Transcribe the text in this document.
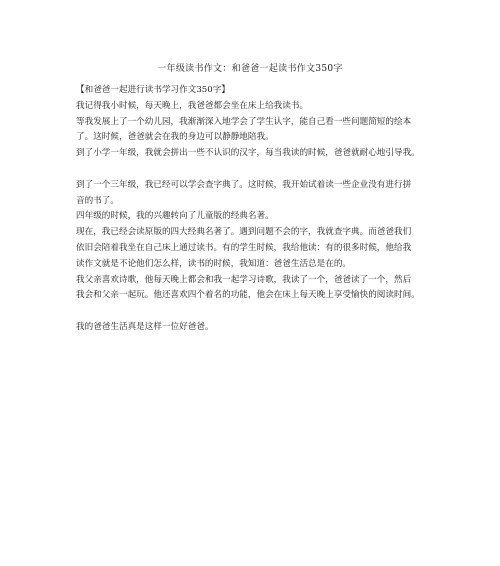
一年级读书作文：和爸爸一起读书作文350字

【和爸爸一起进行读书学习作文350字】

我记得我小时候，每天晚上，我爸爸都会坐在床上给我读书。

等我发展上了一个幼儿园，我渐渐深入地学会了学生认字，能自己看一些问题简短的绘本

了。这时候，爸爸就会在我的身边可以静静地陪我。

到了小学一年级，我就会拼出一些不认识的汉字，每当我读的时候，爸爸就耐心地引导我。

到了一个三年级，我已经可以学会查字典了。这时候，我开始试着读一些企业没有进行拼

音的书了。

四年级的时候，我的兴趣转向了儿童版的经典名著。

现在，我已经会读原版的四大经典名著了。遇到问题不会的字，我就查字典。而爸爸我们

依旧会陪着我坐在自己床上通过读书。有的学生时候，我给他读：有的很多时候，他给我

读作文就是不论他们怎么样，读书的时候，我知道：爸爸生活总是在的。

我父亲喜欢诗歌，他每天晚上都会和我一起学习诗歌，我读了一个，爸爸读了一个，然后

我会和父亲一起玩。他还喜欢四个着名的功能，他会在床上每天晚上享受愉快的阅读时间。

我的爸爸生活真是这样一位好爸爸。
